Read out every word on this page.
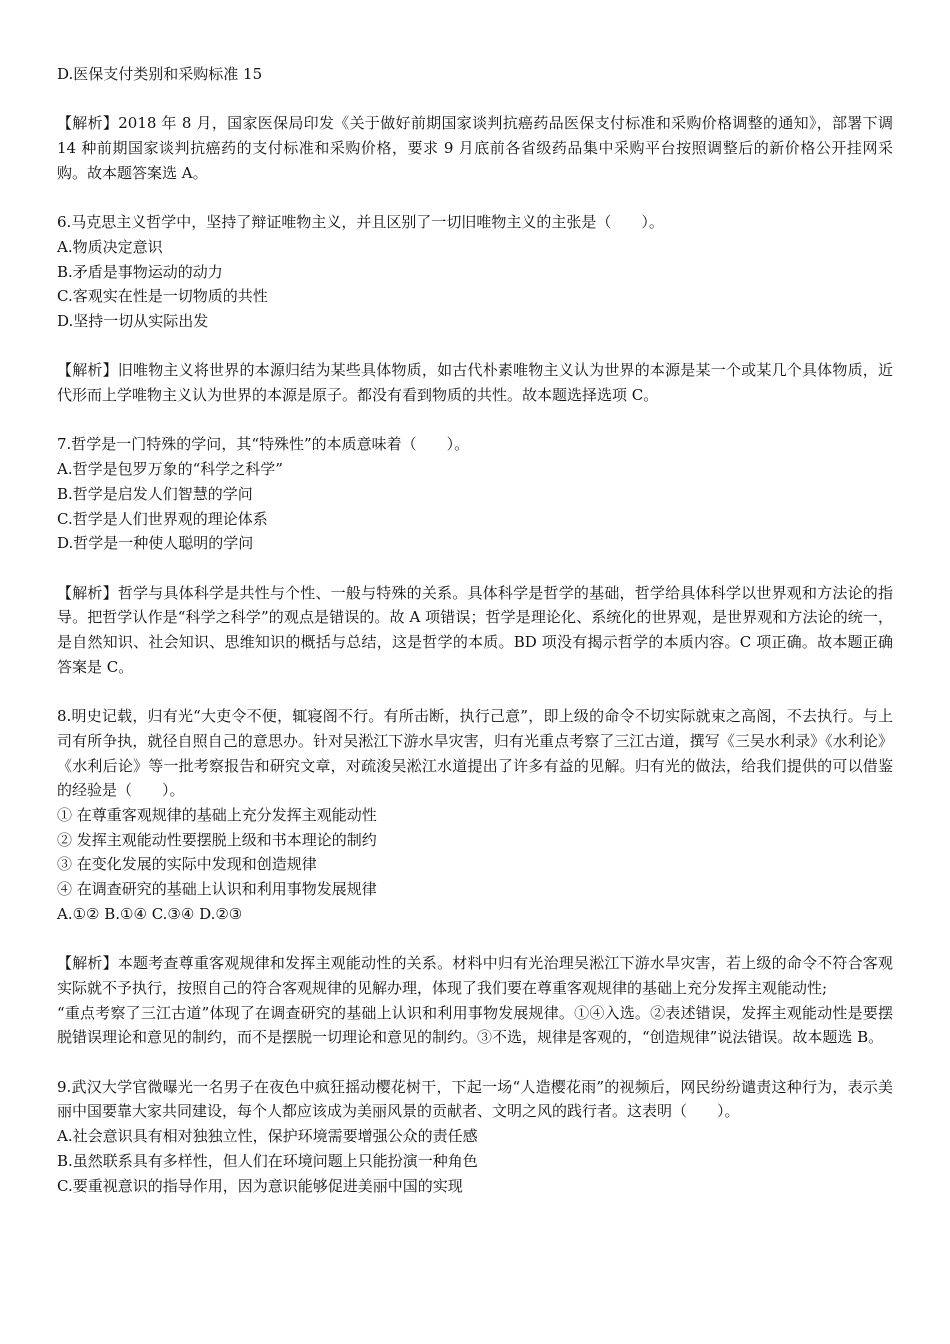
D.医保支付类别和采购标准 15

【解析】2018 年 8 月，国家医保局印发《关于做好前期国家谈判抗癌药品医保支付标准和采购价格调整的通知》，部署下调 14 种前期国家谈判抗癌药的支付标准和采购价格，要求 9 月底前各省级药品集中采购平台按照调整后的新价格公开挂网采购。故本题答案选 A。

6.马克思主义哲学中，坚持了辩证唯物主义，并且区别了一切旧唯物主义的主张是（　　）。

A.物质决定意识

B.矛盾是事物运动的动力

C.客观实在性是一切物质的共性

D.坚持一切从实际出发

【解析】旧唯物主义将世界的本源归结为某些具体物质，如古代朴素唯物主义认为世界的本源是某一个或某几个具体物质，近代形而上学唯物主义认为世界的本源是原子。都没有看到物质的共性。故本题选择选项 C。

7.哲学是一门特殊的学问，其“特殊性”的本质意味着（　　）。

A.哲学是包罗万象的“科学之科学”

B.哲学是启发人们智慧的学问

C.哲学是人们世界观的理论体系

D.哲学是一种使人聪明的学问

【解析】哲学与具体科学是共性与个性、一般与特殊的关系。具体科学是哲学的基础，哲学给具体科学以世界观和方法论的指导。把哲学认作是“科学之科学”的观点是错误的。故 A 项错误；哲学是理论化、系统化的世界观，是世界观和方法论的统一，是自然知识、社会知识、思维知识的概括与总结，这是哲学的本质。BD 项没有揭示哲学的本质内容。C 项正确。故本题正确答案是 C。

8.明史记载，归有光“大吏令不便，辄寝阁不行。有所击断，执行己意”，即上级的命令不切实际就束之高阁，不去执行。与上司有所争执，就径自照自己的意思办。针对吴淞江下游水旱灾害，归有光重点考察了三江古道，撰写《三吴水利录》《水利论》《水利后论》等一批考察报告和研究文章，对疏浚吴淞江水道提出了许多有益的见解。归有光的做法，给我们提供的可以借鉴的经验是（　　）。

① 在尊重客观规律的基础上充分发挥主观能动性

② 发挥主观能动性要摆脱上级和书本理论的制约

③ 在变化发展的实际中发现和创造规律

④ 在调查研究的基础上认识和利用事物发展规律

A.①② B.①④ C.③④ D.②③

【解析】本题考查尊重客观规律和发挥主观能动性的关系。材料中归有光治理吴淞江下游水旱灾害，若上级的命令不符合客观实际就不予执行，按照自己的符合客观规律的见解办理，体现了我们要在尊重客观规律的基础上充分发挥主观能动性;

“重点考察了三江古道”体现了在调查研究的基础上认识和利用事物发展规律。①④入选。②表述错误，发挥主观能动性是要摆脱错误理论和意见的制约，而不是摆脱一切理论和意见的制约。③不选，规律是客观的，“创造规律”说法错误。故本题选 B。

9.武汉大学官微曝光一名男子在夜色中疯狂摇动樱花树干，下起一场“人造樱花雨”的视频后，网民纷纷谴责这种行为，表示美丽中国要靠大家共同建设，每个人都应该成为美丽风景的贡献者、文明之风的践行者。这表明（　　）。

A.社会意识具有相对独独立性，保护环境需要增强公众的责任感

B.虽然联系具有多样性，但人们在环境问题上只能扮演一种角色

C.要重视意识的指导作用，因为意识能够促进美丽中国的实现
